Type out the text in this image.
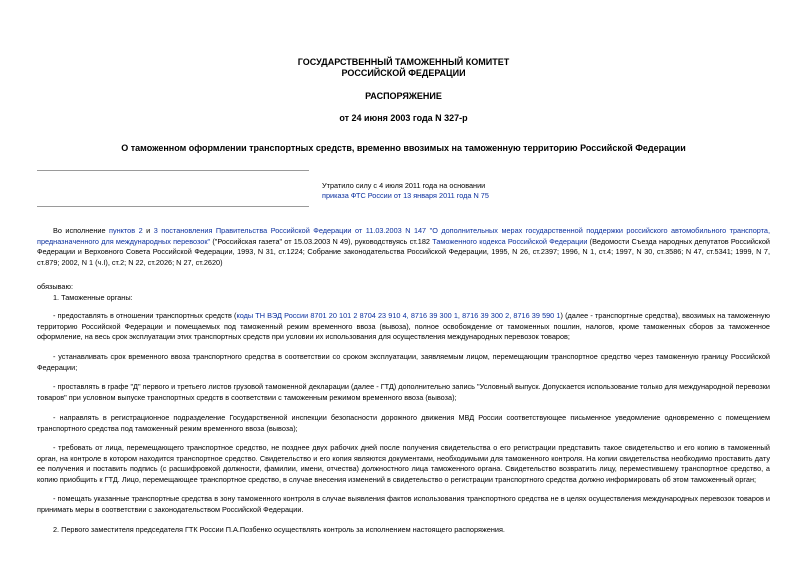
ГОСУДАРСТВЕННЫЙ ТАМОЖЕННЫЙ КОМИТЕТ
РОССИЙСКОЙ ФЕДЕРАЦИИ
РАСПОРЯЖЕНИЕ
от 24 июня 2003 года N 327-р
О таможенном оформлении транспортных средств, временно ввозимых на таможенную территорию Российской Федерации
Утратило силу с 4 июля 2011 года на основании
приказа ФТС России от 13 января 2011 года N 75
Во исполнение пунктов 2 и 3 постановления Правительства Российской Федерации от 11.03.2003 N 147 "О дополнительных мерах государственной поддержки российского автомобильного транспорта, предназначенного для международных перевозок" ("Российская газета" от 15.03.2003 N 49), руководствуясь ст.182 Таможенного кодекса Российской Федерации (Ведомости Съезда народных депутатов Российской Федерации и Верховного Совета Российской Федерации, 1993, N 31, ст.1224; Собрание законодательства Российской Федерации, 1995, N 26, ст.2397; 1996, N 1, ст.4; 1997, N 30, ст.3586; N 47, ст.5341; 1999, N 7, ст.879; 2002, N 1 (ч.I), ст.2; N 22, ст.2026; N 27, ст.2620)
обязываю:
1. Таможенные органы:
- предоставлять в отношении транспортных средств (коды ТН ВЭД России 8701 20 101 2 8704 23 910 4, 8716 39 300 1, 8716 39 300 2, 8716 39 590 1) (далее - транспортные средства), ввозимых на таможенную территорию Российской Федерации и помещаемых под таможенный режим временного ввоза (вывоза), полное освобождение от таможенных пошлин, налогов, кроме таможенных сборов за таможенное оформление, на весь срок эксплуатации этих транспортных средств при условии их использования для осуществления международных перевозок товаров;
- устанавливать срок временного ввоза транспортного средства в соответствии со сроком эксплуатации, заявляемым лицом, перемещающим транспортное средство через таможенную границу Российской Федерации;
- проставлять в графе "Д" первого и третьего листов грузовой таможенной декларации (далее - ГТД) дополнительно запись "Условный выпуск. Допускается использование только для международной перевозки товаров" при условном выпуске транспортных средств в соответствии с таможенным режимом временного ввоза (вывоза);
- направлять в регистрационное подразделение Государственной инспекции безопасности дорожного движения МВД России соответствующее письменное уведомление одновременно с помещением транспортного средства под таможенный режим временного ввоза (вывоза);
- требовать от лица, перемещающего транспортное средство, не позднее двух рабочих дней после получения свидетельства о его регистрации представить такое свидетельство и его копию в таможенный орган, на контроле в котором находится транспортное средство. Свидетельство и его копия являются документами, необходимыми для таможенного контроля. На копии свидетельства необходимо проставить дату ее получения и поставить подпись (с расшифровкой должности, фамилии, имени, отчества) должностного лица таможенного органа. Свидетельство возвратить лицу, переместившему транспортное средство, а копию приобщить к ГТД. Лицо, перемещающее транспортное средство, в случае внесения изменений в свидетельство о регистрации транспортного средства должно информировать об этом таможенный орган;
- помещать указанные транспортные средства в зону таможенного контроля в случае выявления фактов использования транспортного средства не в целях осуществления международных перевозок товаров и принимать меры в соответствии с законодательством Российской Федерации.
2. Первого заместителя председателя ГТК России П.А.Позбенко осуществлять контроль за исполнением настоящего распоряжения.
